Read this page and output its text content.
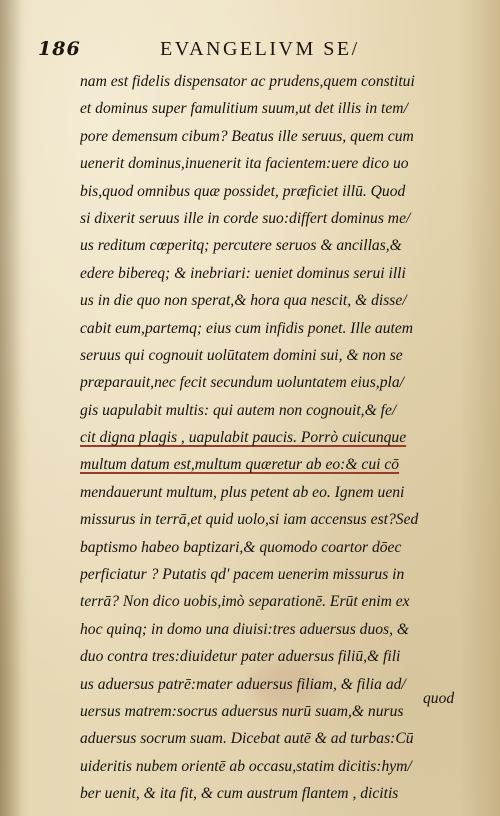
186	EVANGELIVM SE/
nam est fidelis dispensator ac prudens,quem constitui
et dominus super famulitium suum,ut det illis in tem/
pore demensum cibum? Beatus ille seruus, quem cum
uenerit dominus,inuenerit ita facientem:uere dico uo
bis,quod omnibus quæ possidet, præficiet illū. Quod
si dixerit seruus ille in corde suo:differt dominus me/
us reditum cœperitq; percutere seruos & ancillas,&
edere bibereq; & inebriari: ueniet dominus serui illi
us in die quo non sperat,& hora qua nescit, & disse/
cabit eum,partemq; eius cum infidis ponet. Ille autem
seruus qui cognouit uolūtatem domini sui, & non se
præparauit,nec fecit secundum uoluntatem eius,pla/
gis uapulabit multis: qui autem non cognouit,& fe/
cit digna plagis , uapulabit paucis. Porrò cuicunque
multum datum est,multum quæretur ab eo:& cui cō
mendauerunt multum, plus petent ab eo. Ignem ueni
missurus in terrā,et quid uolo,si iam accensus est?Sed
baptismo habeo baptizari,& quomodo coartor dōec
perficiatur ? Putatis qd' pacem uenerim missurus in
terrā? Non dico uobis,imò separationē. Erūt enim ex
hoc quinq; in domo una diuisi:tres aduersus duos, &
duo contra tres:diuidetur pater aduersus filiū,& fili
us aduersus patrē:mater aduersus filiam, & filia ad/
uersus matrem:socrus aduersus nurū suam,& nurus
aduersus socrum suam. Dicebat autē & ad turbas:Cū
uideritis nubem orientē ab occasu,statim dicitis:hym/
ber uenit, & ita fit, & cum austrum flantem , dicitis
quod
